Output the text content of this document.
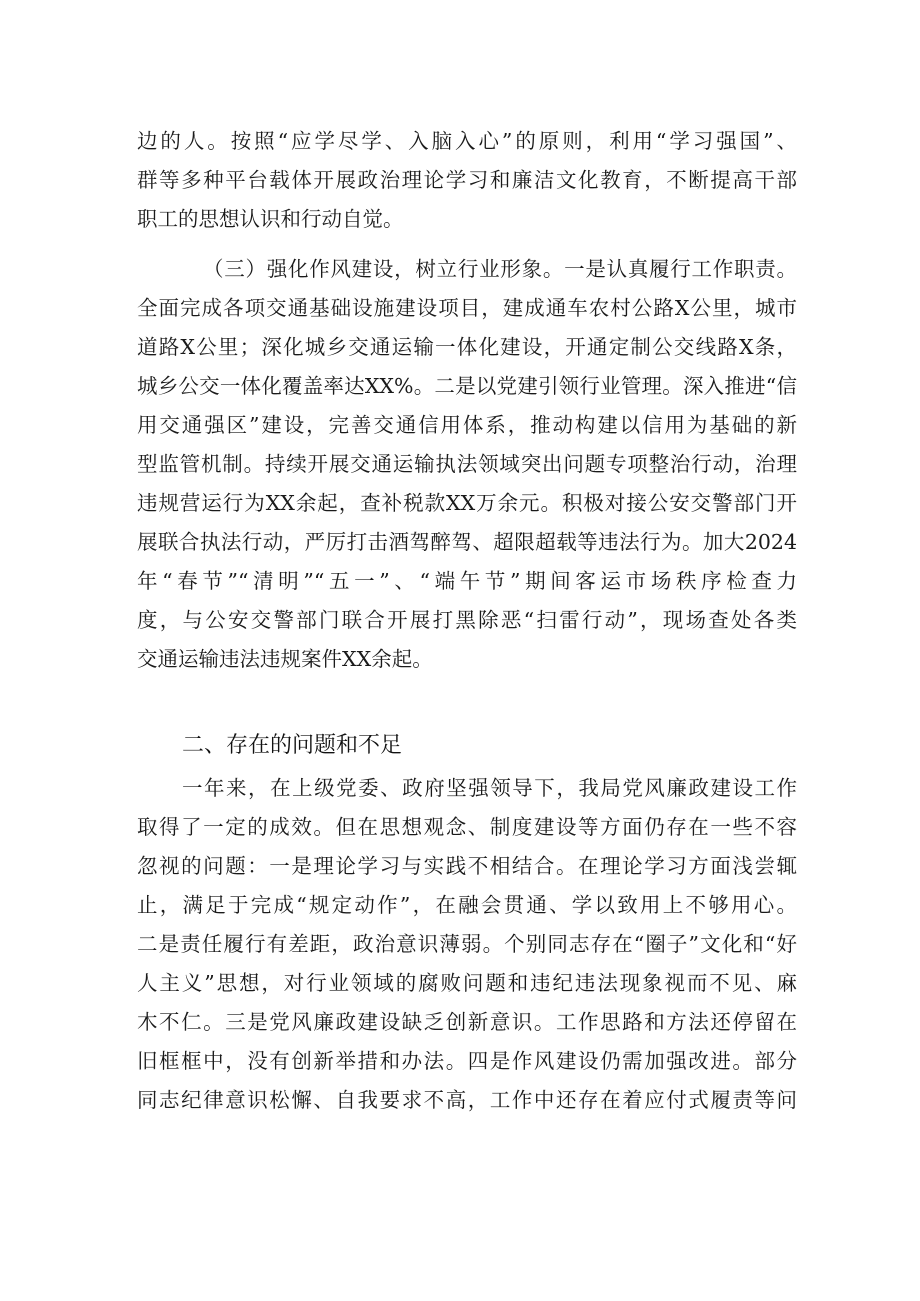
边的人。按照“应学尽学、入脑入心”的原则，利用“学习强国”、
群等多种平台载体开展政治理论学习和廉洁文化教育，不断提高干部
职工的思想认识和行动自觉。
（三）强化作风建设，树立行业形象。一是认真履行工作职责。
全面完成各项交通基础设施建设项目，建成通车农村公路X公里，城市
道路X公里；深化城乡交通运输一体化建设，开通定制公交线路X条，
城乡公交一体化覆盖率达XX%。二是以党建引领行业管理。深入推进“信
用交通强区”建设，完善交通信用体系，推动构建以信用为基础的新
型监管机制。持续开展交通运输执法领域突出问题专项整治行动，治理
违规营运行为XX余起，查补税款XX万余元。积极对接公安交警部门开
展联合执法行动，严厉打击酒驾醉驾、超限超载等违法行为。加大2024
年“春节”“清明”“五一”、“端午节”期间客运市场秩序检查力
度，与公安交警部门联合开展打黑除恶“扫雷行动”，现场查处各类
交通运输违法违规案件XX余起。
二、存在的问题和不足
一年来，在上级党委、政府坚强领导下，我局党风廉政建设工作
取得了一定的成效。但在思想观念、制度建设等方面仍存在一些不容
忽视的问题：一是理论学习与实践不相结合。在理论学习方面浅尝辄
止，满足于完成“规定动作”，在融会贯通、学以致用上不够用心。
二是责任履行有差距，政治意识薄弱。个别同志存在“圈子”文化和“好
人主义”思想，对行业领域的腐败问题和违纪违法现象视而不见、麻
木不仁。三是党风廉政建设缺乏创新意识。工作思路和方法还停留在
旧框框中，没有创新举措和办法。四是作风建设仍需加强改进。部分
同志纪律意识松懈、自我要求不高，工作中还存在着应付式履责等问
